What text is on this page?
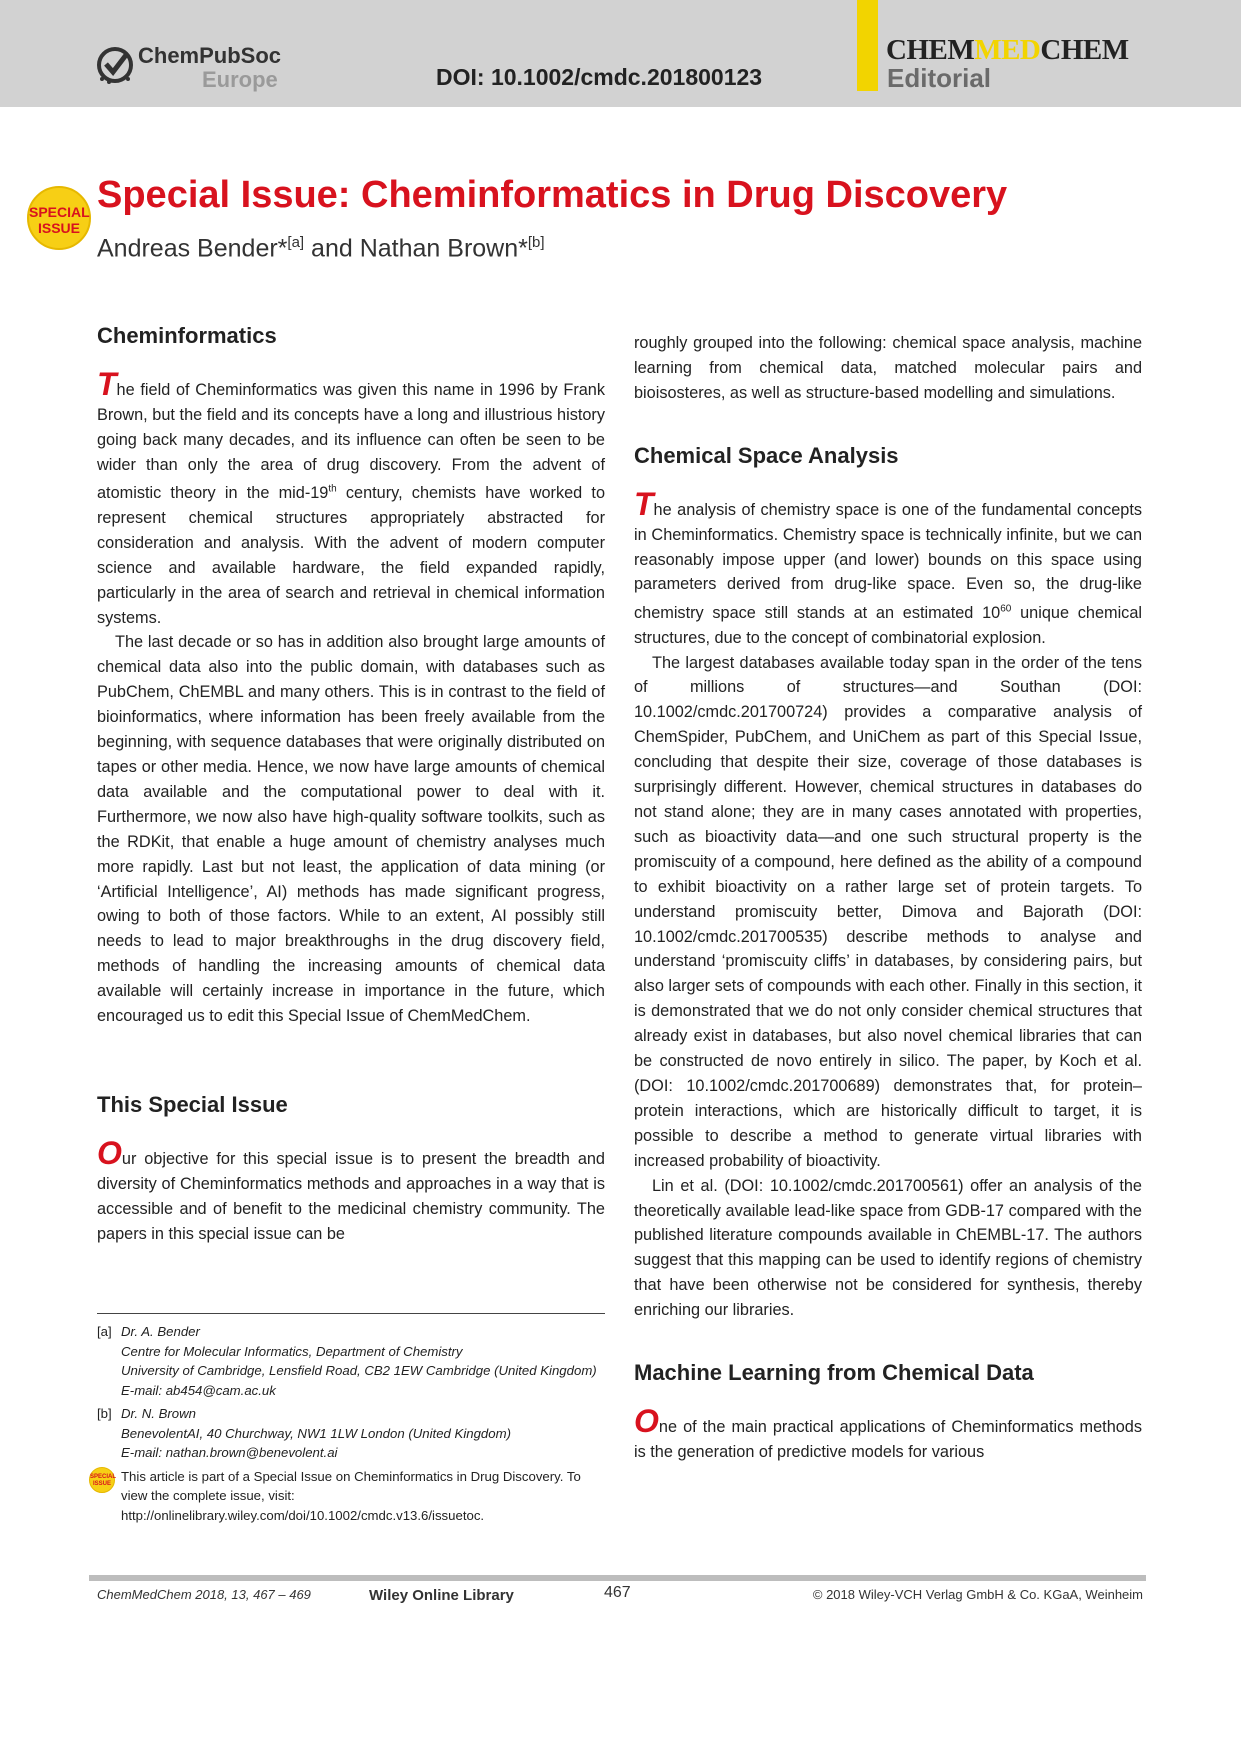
ChemPubSoc
Europe	DOI: 10.1002/cmdc.201800123
CHEMMEDCHEM
Editorial
SPECIAL
ISSUE
Special Issue: Cheminformatics in Drug Discovery
Andreas Bender*[a] and Nathan Brown*[b]
Cheminformatics

The field of Cheminformatics was given this name in 1996 by Frank Brown, but the field and its concepts have a long and illustrious history going back many decades, and its influence can often be seen to be wider than only the area of drug discovery. From the advent of atomistic theory in the mid-19th century, chemists have worked to represent chemical structures appropriately abstracted for consideration and analysis. With the advent of modern computer science and available hardware, the field expanded rapidly, particularly in the area of search and retrieval in chemical information systems.

The last decade or so has in addition also brought large amounts of chemical data also into the public domain, with databases such as PubChem, ChEMBL and many others. This is in contrast to the field of bioinformatics, where information has been freely available from the beginning, with sequence databases that were originally distributed on tapes or other media. Hence, we now have large amounts of chemical data available and the computational power to deal with it. Furthermore, we now also have high-quality software toolkits, such as the RDKit, that enable a huge amount of chemistry analyses much more rapidly. Last but not least, the application of data mining (or ‘Artificial Intelligence’, AI) methods has made significant progress, owing to both of those factors. While to an extent, AI possibly still needs to lead to major breakthroughs in the drug discovery field, methods of handling the increasing amounts of chemical data available will certainly increase in importance in the future, which encouraged us to edit this Special Issue of ChemMedChem.

This Special Issue

Our objective for this special issue is to present the breadth and diversity of Cheminformatics methods and approaches in a way that is accessible and of benefit to the medicinal chemistry community. The papers in this special issue can be

[a] Dr. A. Bender
Centre for Molecular Informatics, Department of Chemistry
University of Cambridge, Lensfield Road, CB2 1EW Cambridge (United Kingdom)
E-mail: ab454@cam.ac.uk
[b] Dr. N. Brown
BenevolentAI, 40 Churchway, NW1 1LW London (United Kingdom)
E-mail: nathan.brown@benevolent.ai
SPECIAL
ISSUE This article is part of a Special Issue on Cheminformatics in Drug Discovery. To view the complete issue, visit: http://onlinelibrary.wiley.com/doi/10.1002/cmdc.v13.6/issuetoc.

roughly grouped into the following: chemical space analysis, machine learning from chemical data, matched molecular pairs and bioisosteres, as well as structure-based modelling and simulations.

Chemical Space Analysis

The analysis of chemistry space is one of the fundamental concepts in Cheminformatics. Chemistry space is technically infinite, but we can reasonably impose upper (and lower) bounds on this space using parameters derived from drug-like space. Even so, the drug-like chemistry space still stands at an estimated $10^{60}$ unique chemical structures, due to the concept of combinatorial explosion.

The largest databases available today span in the order of the tens of millions of structures—and Southan (DOI: 10.1002/cmdc.201700724) provides a comparative analysis of ChemSpider, PubChem, and UniChem as part of this Special Issue, concluding that despite their size, coverage of those databases is surprisingly different. However, chemical structures in databases do not stand alone; they are in many cases annotated with properties, such as bioactivity data—and one such structural property is the promiscuity of a compound, here defined as the ability of a compound to exhibit bioactivity on a rather large set of protein targets. To understand promiscuity better, Dimova and Bajorath (DOI: 10.1002/cmdc.201700535) describe methods to analyse and understand ‘promiscuity cliffs’ in databases, by considering pairs, but also larger sets of compounds with each other. Finally in this section, it is demonstrated that we do not only consider chemical structures that already exist in databases, but also novel chemical libraries that can be constructed de novo entirely in silico. The paper, by Koch et al. (DOI: 10.1002/cmdc.201700689) demonstrates that, for protein–protein interactions, which are historically difficult to target, it is possible to describe a method to generate virtual libraries with increased probability of bioactivity.

Lin et al. (DOI: 10.1002/cmdc.201700561) offer an analysis of the theoretically available lead-like space from GDB-17 compared with the published literature compounds available in ChEMBL-17. The authors suggest that this mapping can be used to identify regions of chemistry that have been otherwise not be considered for synthesis, thereby enriching our libraries.

Machine Learning from Chemical Data

One of the main practical applications of Cheminformatics methods is the generation of predictive models for various

ChemMedChem 2018, 13, 467 – 469	Wiley Online Library	467	© 2018 Wiley-VCH Verlag GmbH & Co. KGaA, Weinheim
